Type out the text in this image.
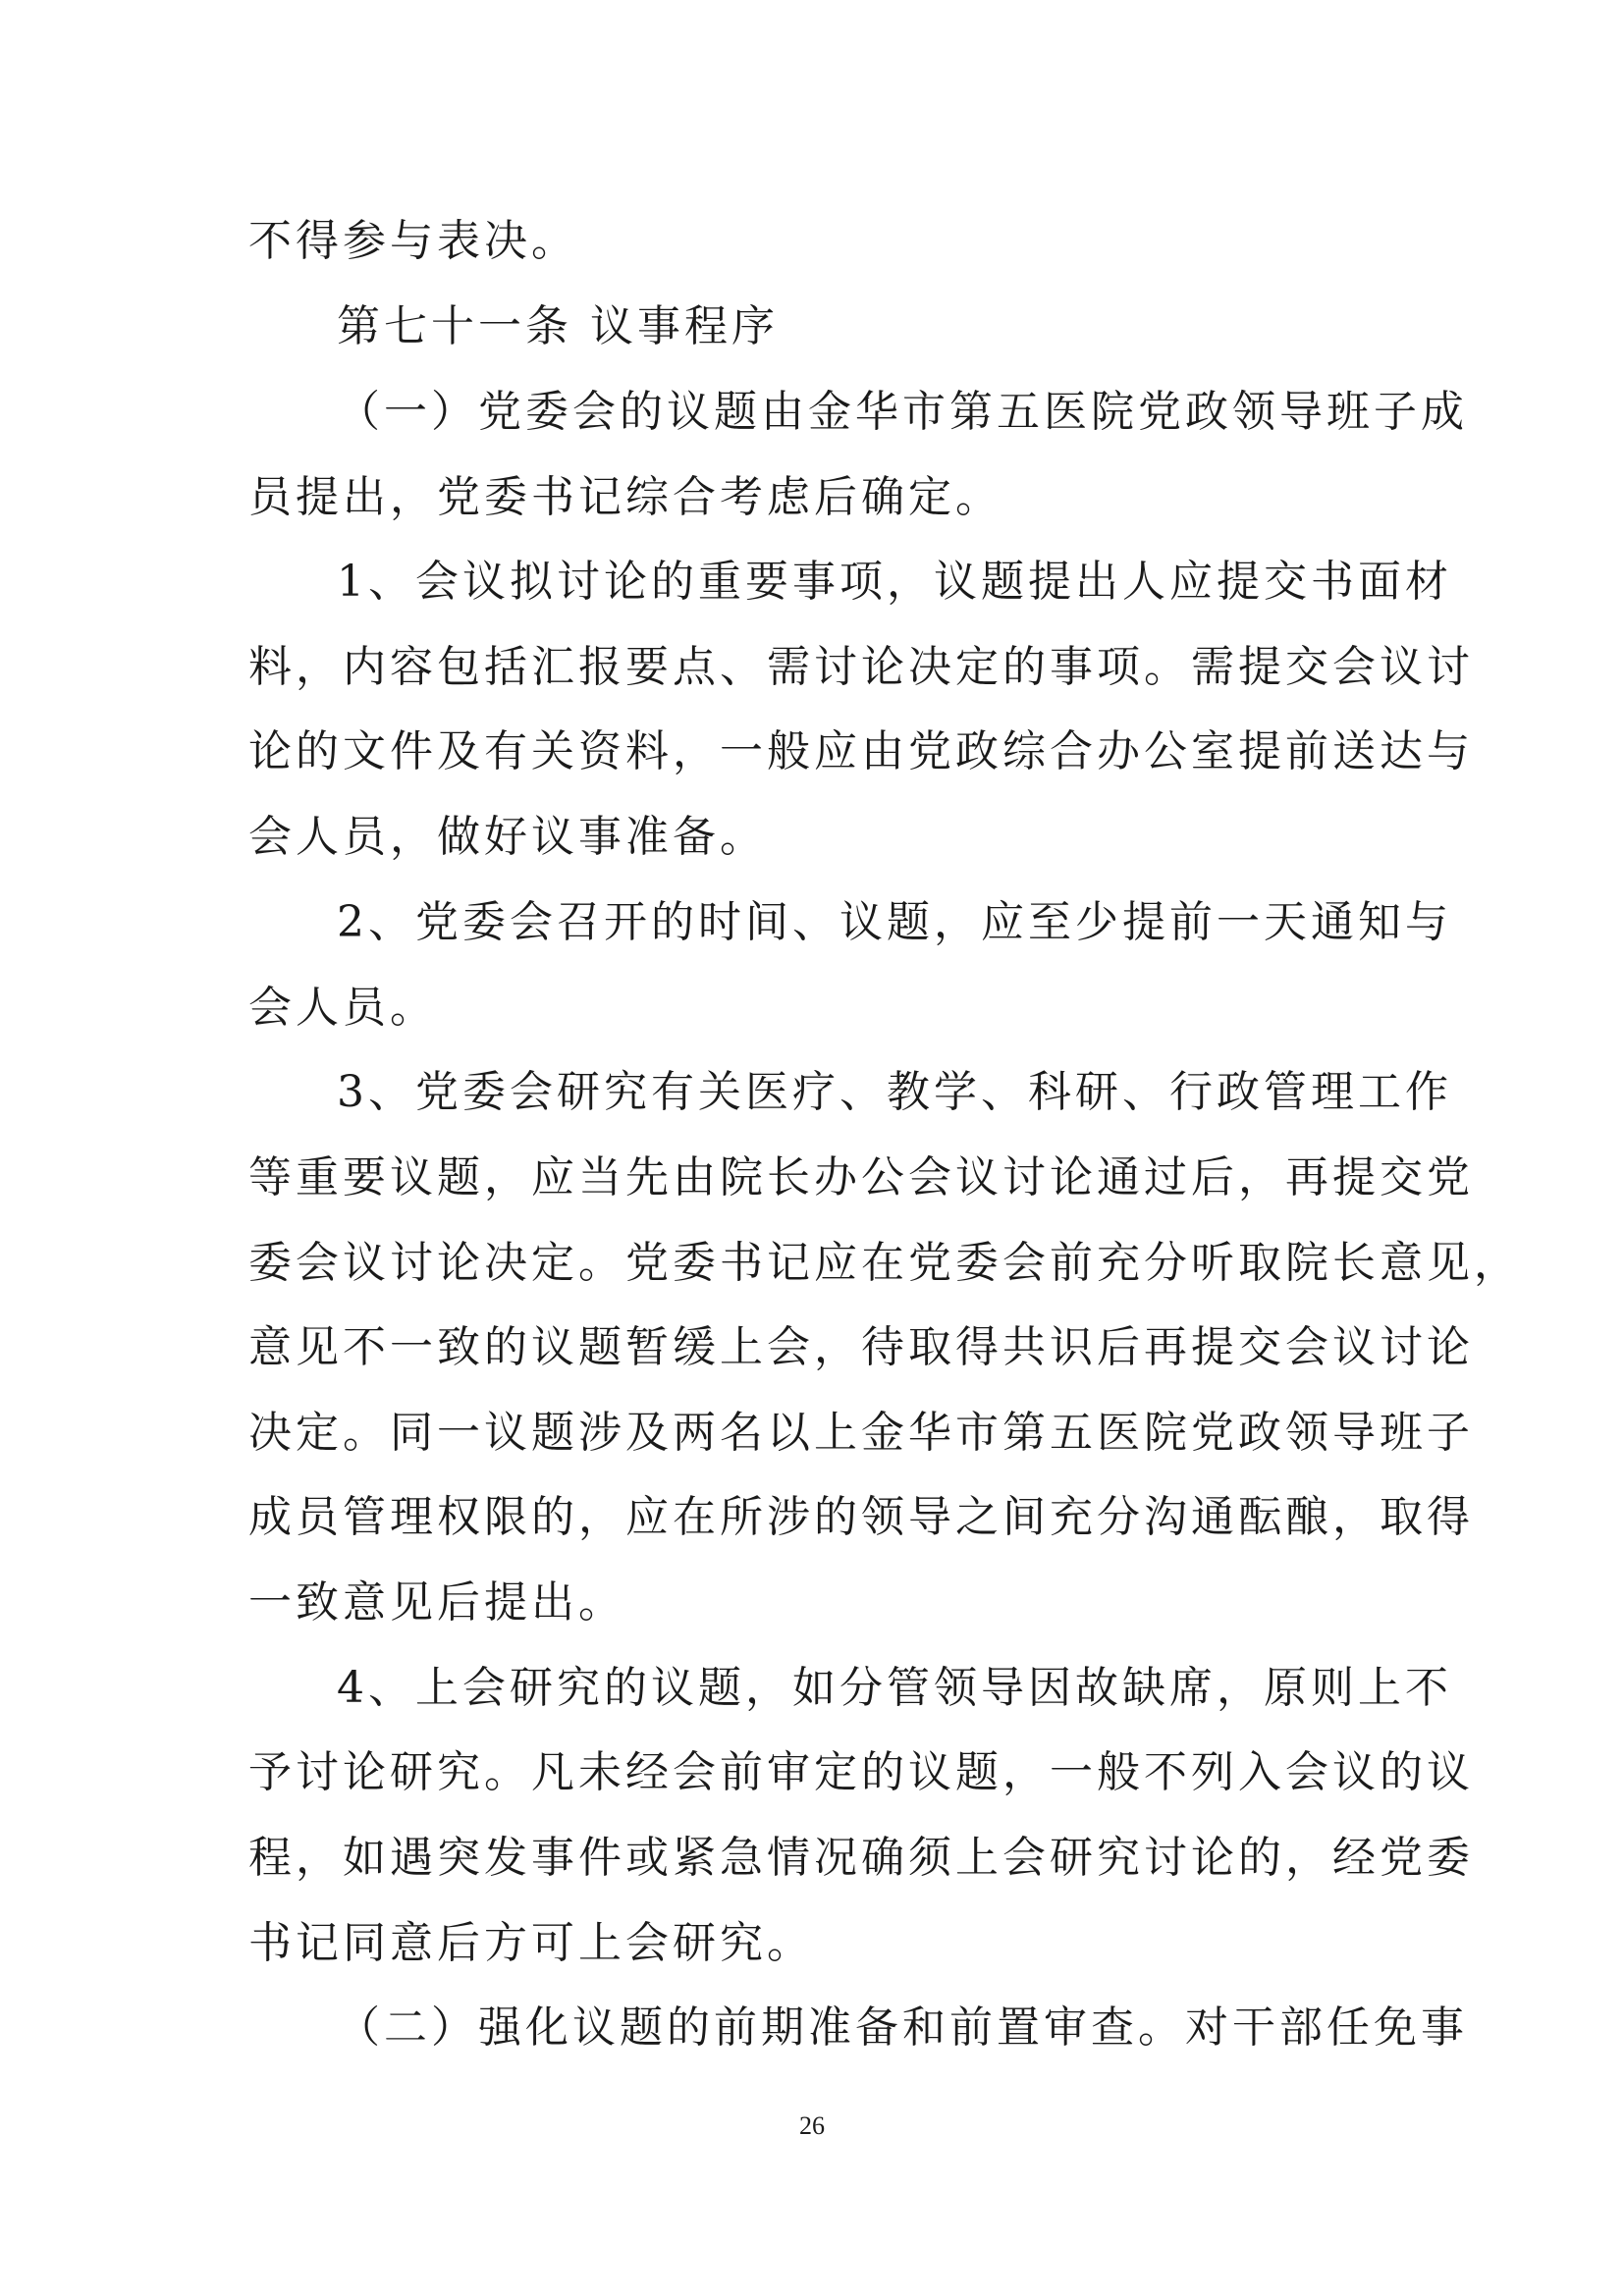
不得参与表决。
第七十一条 议事程序
（一）党委会的议题由金华市第五医院党政领导班子成
员提出，党委书记综合考虑后确定。
1、会议拟讨论的重要事项，议题提出人应提交书面材
料，内容包括汇报要点、需讨论决定的事项。需提交会议讨
论的文件及有关资料，一般应由党政综合办公室提前送达与
会人员，做好议事准备。
2、党委会召开的时间、议题，应至少提前一天通知与
会人员。
3、党委会研究有关医疗、教学、科研、行政管理工作
等重要议题，应当先由院长办公会议讨论通过后，再提交党
委会议讨论决定。党委书记应在党委会前充分听取院长意见，
意见不一致的议题暂缓上会，待取得共识后再提交会议讨论
决定。同一议题涉及两名以上金华市第五医院党政领导班子
成员管理权限的，应在所涉的领导之间充分沟通酝酿，取得
一致意见后提出。
4、上会研究的议题，如分管领导因故缺席，原则上不
予讨论研究。凡未经会前审定的议题，一般不列入会议的议
程，如遇突发事件或紧急情况确须上会研究讨论的，经党委
书记同意后方可上会研究。
（二）强化议题的前期准备和前置审查。对干部任免事
26
